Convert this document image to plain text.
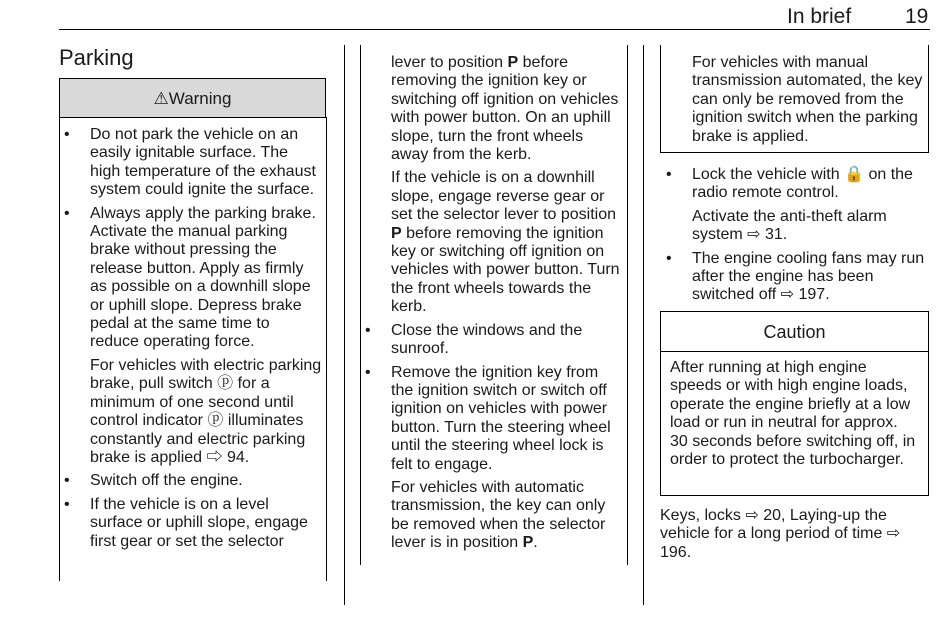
In brief	19
Parking
⚠Warning
• Do not park the vehicle on an easily ignitable surface. The high temperature of the exhaust system could ignite the surface.
• Always apply the parking brake. Activate the manual parking brake without pressing the release button. Apply as firmly as possible on a downhill slope or uphill slope. Depress brake pedal at the same time to reduce operating force.
For vehicles with electric parking brake, pull switch ⓟ for a minimum of one second until control indicator ⓟ illuminates constantly and electric parking brake is applied ⇨ 94.
• Switch off the engine.
• If the vehicle is on a level surface or uphill slope, engage first gear or set the selector
lever to position P before removing the ignition key or switching off ignition on vehicles with power button. On an uphill slope, turn the front wheels away from the kerb.
If the vehicle is on a downhill slope, engage reverse gear or set the selector lever to position P before removing the ignition key or switching off ignition on vehicles with power button. Turn the front wheels towards the kerb.
• Close the windows and the sunroof.
• Remove the ignition key from the ignition switch or switch off ignition on vehicles with power button. Turn the steering wheel until the steering wheel lock is felt to engage.
For vehicles with automatic transmission, the key can only be removed when the selector lever is in position P.
For vehicles with manual transmission automated, the key can only be removed from the ignition switch when the parking brake is applied.
• Lock the vehicle with 🔒 on the radio remote control.
Activate the anti-theft alarm system ⇨ 31.
• The engine cooling fans may run after the engine has been switched off ⇨ 197.
Caution
After running at high engine speeds or with high engine loads, operate the engine briefly at a low load or run in neutral for approx. 30 seconds before switching off, in order to protect the turbocharger.
Keys, locks ⇨ 20, Laying-up the vehicle for a long period of time ⇨ 196.
